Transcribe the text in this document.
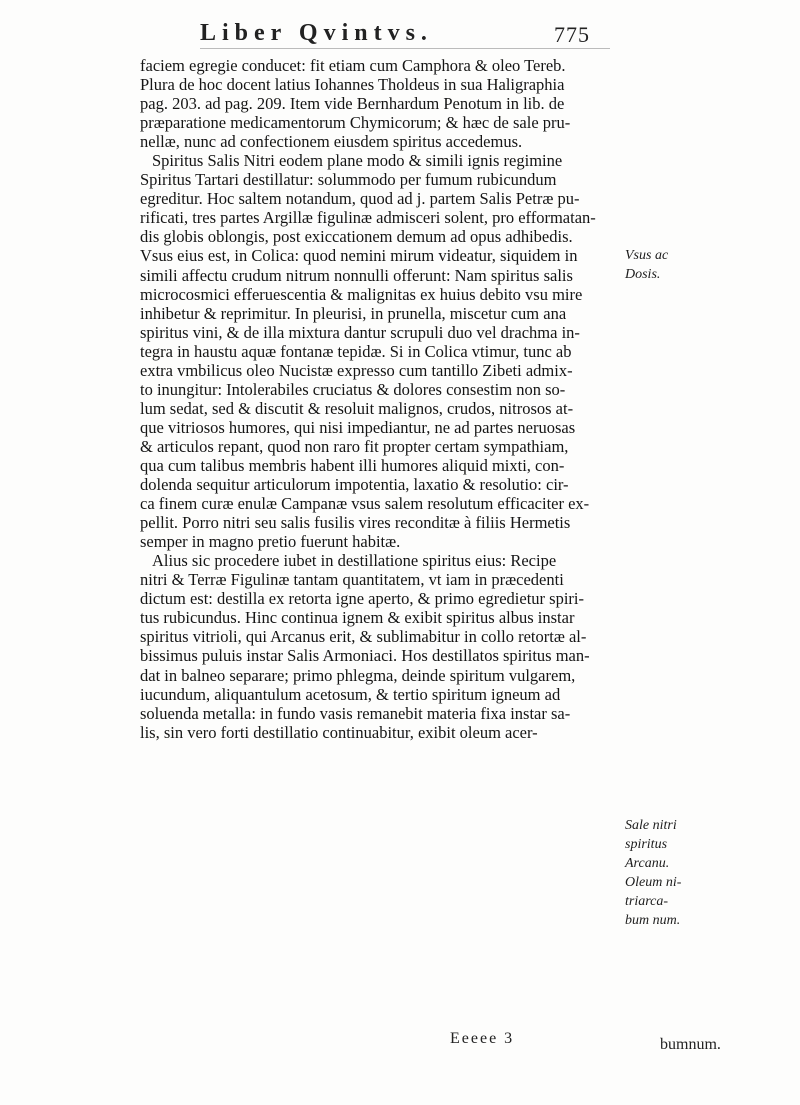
Liber Qvintvs.	775
faciem egregie conducet: fit etiam cum Camphora & oleo Tereb.
Plura de hoc docent latius Iohannes Tholdeus in sua Haligraphia
pag. 203. ad pag. 209. Item vide Bernhardum Penotum in lib. de
præparatione medicamentorum Chymicorum; & hæc de sale pru-
nellæ, nunc ad confectionem eiusdem spiritus accedemus.
Spiritus Salis Nitri eodem plane modo & simili ignis regimine
Spiritus Tartari destillatur: solummodo per fumum rubicundum
egreditur. Hoc saltem notandum, quod ad j. partem Salis Petræ pu-
rificati, tres partes Argillæ figulinæ admisceri solent, pro efformatan-
dis globis oblongis, post exiccationem demum ad opus adhibedis.
Vsus eius est, in Colica: quod nemini mirum videatur, siquidem in
simili affectu crudum nitrum nonnulli offerunt: Nam spiritus salis
microcosmici efferuescentia & malignitas ex huius debito vsu mire
inhibetur & reprimitur. In pleurisi, in prunella, miscetur cum ana
spiritus vini, & de illa mixtura dantur scrupuli duo vel drachma in-
tegra in haustu aquæ fontanæ tepidæ. Si in Colica vtimur, tunc ab
extra vmbilicus oleo Nucistæ expresso cum tantillo Zibeti admix-
to inungitur: Intolerabiles cruciatus & dolores consestim non so-
lum sedat, sed & discutit & resoluit malignos, crudos, nitrosos at-
que vitriosos humores, qui nisi impediantur, ne ad partes neruosas
& articulos repant, quod non raro fit propter certam sympathiam,
qua cum talibus membris habent illi humores aliquid mixti, con-
dolenda sequitur articulorum impotentia, laxatio & resolutio: cir-
ca finem curæ enulæ Campanæ vsus salem resolutum efficaciter ex-
pellit. Porro nitri seu salis fusilis vires reconditæ à filiis Hermetis
semper in magno pretio fuerunt habitæ.
Alius sic procedere iubet in destillatione spiritus eius: Recipe
nitri & Terræ Figulinæ tantam quantitatem, vt iam in præcedenti
dictum est: destilla ex retorta igne aperto, & primo egredietur spiri-
tus rubicundus. Hinc continua ignem & exibit spiritus albus instar
spiritus vitrioli, qui Arcanus erit, & sublimabitur in collo retortæ al-
bissimus puluis instar Salis Armoniaci. Hos destillatos spiritus man-
dat in balneo separare; primo phlegma, deinde spiritum vulgarem,
iucundum, aliquantulum acetosum, & tertio spiritum igneum ad
soluenda metalla: in fundo vasis remanebit materia fixa instar sa-
lis, sin vero forti destillatio continuabitur, exibit oleum acer-
Vsus ac
Dosis.
Sale nitri
spiritus
Arcanu.
Oleum ni-
triarca-
bum num.
Eeeee 3	bumnum.
